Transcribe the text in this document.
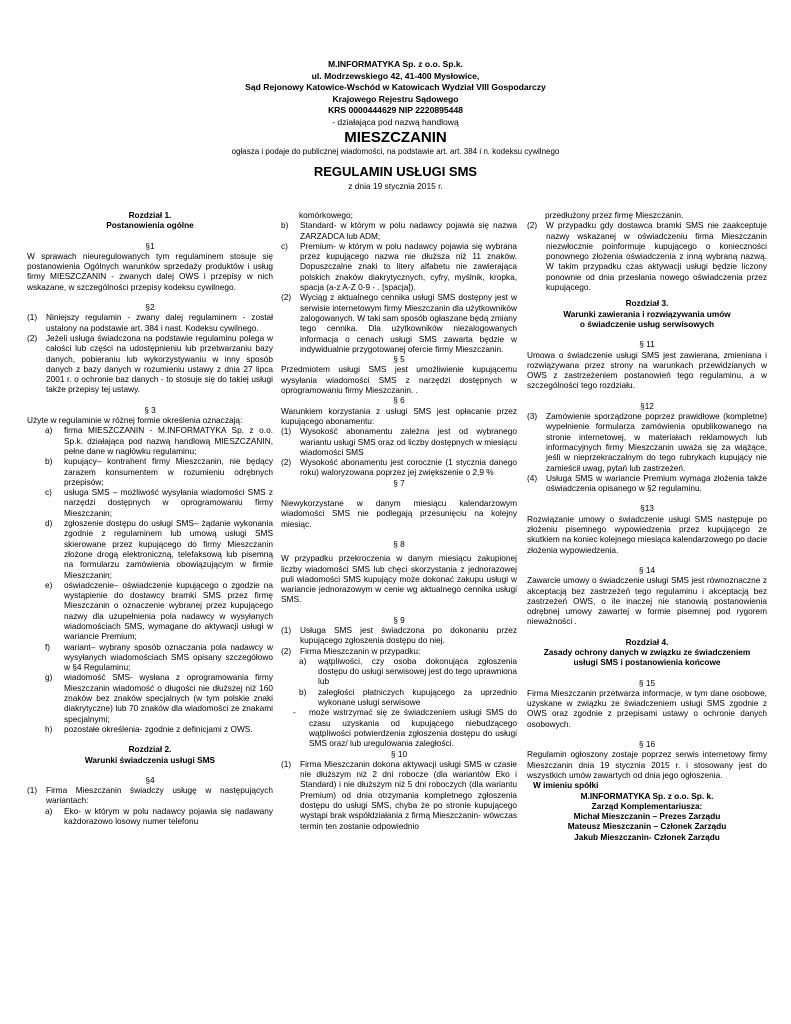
M.INFORMATYKA Sp. z o.o. Sp.k.
ul. Modrzewskiego 42, 41-400 Mysłowice,
Sąd Rejonowy Katowice-Wschód w Katowicach Wydział VIII Gospodarczy
Krajowego Rejestru Sądowego
KRS 0000444629 NIP 2220895448
- działająca pod nazwą handlową
MIESZCZANIN
ogłasza i podaje do publicznej wiadomości, na podstawie art. art. 384 i n. kodeksu cywilnego
REGULAMIN USŁUGI SMS
z dnia 19 stycznia 2015 r.

Rozdział 1.

Postanowienia ogólne

§1

W sprawach nieuregulowanych tym regulaminem stosuje się postanowienia Ogólnych warunków sprzedaży produktów i usług firmy MIESZCZANIN - zwanych dalej OWS i przepisy w nich wskazane, w szczególności przepisy kodeksu cywilnego.

§2

(1)	Niniejszy regulamin - zwany dalej regulaminem - został ustalony na podstawie art. 384 i nast. Kodeksu cywilnego.
(2)	Jeżeli usługa świadczona na podstawie regulaminu polega w całości lub części na udostępnieniu lub przetwarzaniu bazy danych, pobieraniu lub wykorzystywaniu w inny sposób danych z bazy danych w rozumieniu ustawy z dnia 27 lipca 2001 r. o ochronie baz danych - to stosuje się do takiej usługi także przepisy tej ustawy.

§ 3

Użyte w regulaminie w różnej formie określenia oznaczają:

a)	firma MIESZCZANIN - M.INFORMATYKA Sp. z o.o. Sp.k. działająca pod nazwą handlową MIESZCZANIN, pełne dane w nagłówku regulaminu;
b)	kupujący– kontrahent firmy Mieszczanin, nie będący zarazem konsumentem w rozumieniu odrębnych przepisów;
c)	usługa SMS – możliwość wysyłania wiadomości SMS z narzędzi dostępnych w oprogramowaniu firmy Mieszczanin;
d)	zgłoszenie dostępu do usługi SMS– żądanie wykonania zgodnie z regulaminem lub umową usługi SMS skierowane przez kupującego do firmy Mieszczanin złożone drogą elektroniczną, telefaksową lub pisemną na formularzu zamówienia obowiązującym w firmie Mieszczanin;
e)	oświadczenie– oświadczenie kupującego o zgodzie na wystąpienie do dostawcy bramki SMS przez firmę Mieszczanin o oznaczenie wybranej przez kupującego nazwy dla uzupełnienia pola nadawcy w wysyłanych wiadomościach SMS, wymagane do aktywacji usługi w wariancie Premium;
f)	wariant– wybrany sposób oznaczania pola nadawcy w wysyłanych wiadomościach SMS opisany szczegółowo w §4 Regulaminu;
g)	wiadomość SMS- wysłana z oprogramowania firmy Mieszczanin wiadomość o długości nie dłuższej niż 160 znaków bez znaków specjalnych (w tym polskie znaki diakrytyczne) lub 70 znaków dla wiadomości ze znakami specjalnymi;
h)	pozostałe określenia- zgodnie z definicjami z OWS.

Rozdział 2.

Warunki świadczenia usługi SMS

§4

(1)	Firma Mieszczanin świadczy usługę w następujących wariantach:
a)	Eko- w którym w polu nadawcy pojawia się nadawany każdorazowo losowy numer telefonu

komórkowego;

b)	Standard- w którym w polu nadawcy pojawia się nazwa ZARZADCA lub ADM;
c)	Premium- w którym w polu nadawcy pojawia się wybrana przez kupującego nazwa nie dłuższa niż 11 znaków. Dopuszczalne znaki to litery alfabetu nie zawierająca polskich znaków diakrytycznych, cyfry, myślnik, kropka, spacja (a-z A-Z 0-9 - . [spacja]).
(2)	Wyciąg z aktualnego cennika usługi SMS dostępny jest w serwisie internetowym firmy Mieszczanin dla użytkowników zalogowanych. W taki sam sposób ogłaszane będą zmiany tego cennika. Dla użytkowników niezalogowanych informacja o cenach usługi SMS zawarta będzie w indywidualnie przygotowanej ofercie firmy Mieszczanin.

§ 5

Przedmiotem usługi SMS jest umożliwienie kupującemu wysyłania wiadomości SMS z narzędzi dostępnych w oprogramowaniu firmy Mieszczanin. .

§ 6

Warunkiem korzystania z usługi SMS jest opłacanie przez kupującego abonamentu:

(1)	Wysokość abonamentu zależna jest od wybranego wariantu usługi SMS oraz od liczby dostępnych w miesiącu wiadomości SMS
(2)	Wysokość abonamentu jest corocznie (1 stycznia danego roku) waloryzowana poprzez jej zwiększenie o 2,9 %

§ 7

Niewykorzystane w danym miesiącu kalendarzowym wiadomości SMS nie podlegają przesunięciu na kolejny miesiąc.

§ 8

W przypadku przekroczenia w danym miesiącu zakupionej liczby wiadomości SMS lub chęci skorzystania z jednorazowej puli wiadomości SMS kupujący może dokonać zakupu usługi w wariancie jednorazowym w cenie wg aktualnego cennika usługi SMS.

§ 9

(1)	Usługa SMS jest świadczona po dokonaniu przez kupującego zgłoszenia dostępu do niej.
(2)	Firma Mieszczanin w przypadku:
a)	wątpliwości, czy osoba dokonująca zgłoszenia dostępu do usługi serwisowej jest do tego uprawniona lub
b)	zaległości płatniczych kupującego za uprzednio wykonane usługi serwisowe
-	może wstrzymać się ze świadczeniem usługi SMS do czasu uzyskania od kupującego niebudzącego wątpliwości potwierdzenia zgłoszenia dostępu do usługi SMS oraz/ lub uregulowania zaległości.

§ 10

(1)	Firma Mieszczanin dokona aktywacji usługi SMS w czasie nie dłuższym niż 2 dni robocze (dla wariantów Eko i Standard) i nie dłuższym niż 5 dni roboczych (dla wariantu Premium) od dnia otrzymania kompletnego zgłoszenia dostępu do usługi SMS, chyba że po stronie kupującego wystąpi brak współdziałania z firmą Mieszczanin- wówczas termin ten zostanie odpowiednio

przedłużony przez firmę Mieszczanin.

(2)	W przypadku gdy dostawca bramki SMS nie zaakceptuje nazwy wskazanej w oświadczeniu firma Mieszczanin niezwłocznie poinformuje kupującego o konieczności ponownego złożenia oświadczenia z inną wybraną nazwą. W takim przypadku czas aktywacji usługi będzie liczony ponownie od dnia przesłania nowego oświadczenia przez kupującego.

Rozdział 3.

Warunki zawierania i rozwiązywania umów

o świadczenie usług serwisowych

§ 11

Umowa o świadczenie usługi SMS jest zawierana, zmieniana i rozwiązywana przez strony na warunkach przewidzianych w OWS z zastrzeżeniem postanowień tego regulaminu, a w szczególności tego rozdziału.

§12

(3)	Zamówienie sporządzone poprzez prawidłowe (kompletne) wypełnienie formularza zamówienia opublikowanego na stronie internetowej, w materiałach reklamowych lub informacyjnych firmy Mieszczanin uważa się za wiążące, jeśli w nieprzekraczalnym do tego rubrykach kupujący nie zamieścił uwag, pytań lub zastrzeżeń.
(4)	Usługa SMS w wariancie Premium wymaga złożenia także oświadczenia opisanego w §2 regulaminu.

§13

Rozwiązanie umowy o świadczenie usługi SMS następuje po złożeniu pisemnego wypowiedzenia przez kupującego ze skutkiem na koniec kolejnego miesiąca kalendarzowego po dacie złożenia wypowiedzenia.

§ 14

Zawarcie umowy o świadczenie usługi SMS jest równoznaczne z akceptacją bez zastrzeżeń tego regulaminu i akceptacją bez zastrzeżeń OWS, o ile inaczej nie stanowią postanowienia odrębnej umowy zawartej w formie pisemnej pod rygorem nieważności .

Rozdział 4.

Zasady ochrony danych w związku ze świadczeniem

usługi SMS i postanowienia końcowe

§ 15

Firma Mieszczanin przetwarza informacje, w tym dane osobowe, uzyskane w związku ze świadczeniem usługi SMS zgodnie z OWS oraz zgodnie z przepisami ustawy o ochronie danych osobowych.

§ 16

Regulamin ogłoszony zostaje poprzez serwis internetowy firmy Mieszczanin dnia 19 stycznia 2015 r. i stosowany jest do wszystkich umów zawartych od dnia jego ogłoszenia.

W imieniu spółki

M.INFORMATYKA Sp. z o.o. Sp. k.

Zarząd Komplementariusza:

Michał Mieszczanin – Prezes Zarządu

Mateusz Mieszczanin – Członek Zarządu

Jakub Mieszczanin- Członek Zarządu
